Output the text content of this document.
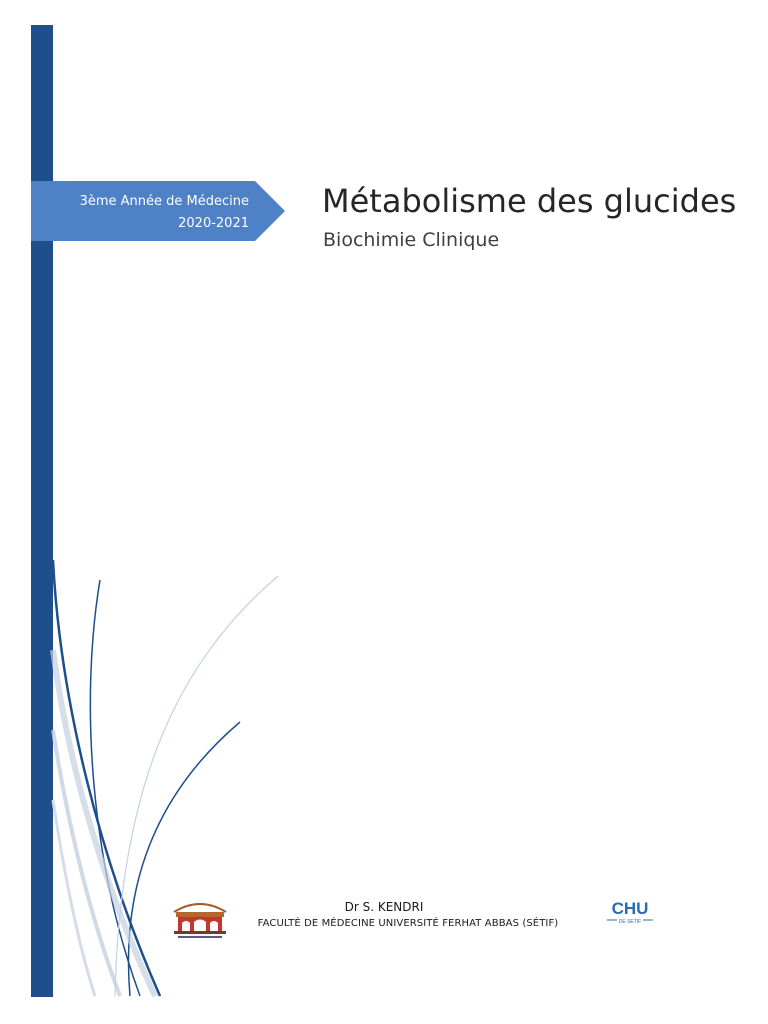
3ème Année de Médecine
2020-2021
Métabolisme des glucides
Biochimie Clinique
Dr S. KENDRI
FACULTÉ DE MÉDECINE UNIVERSITÉ FERHAT ABBAS (SÉTIF)
CHU
DE SETIF
